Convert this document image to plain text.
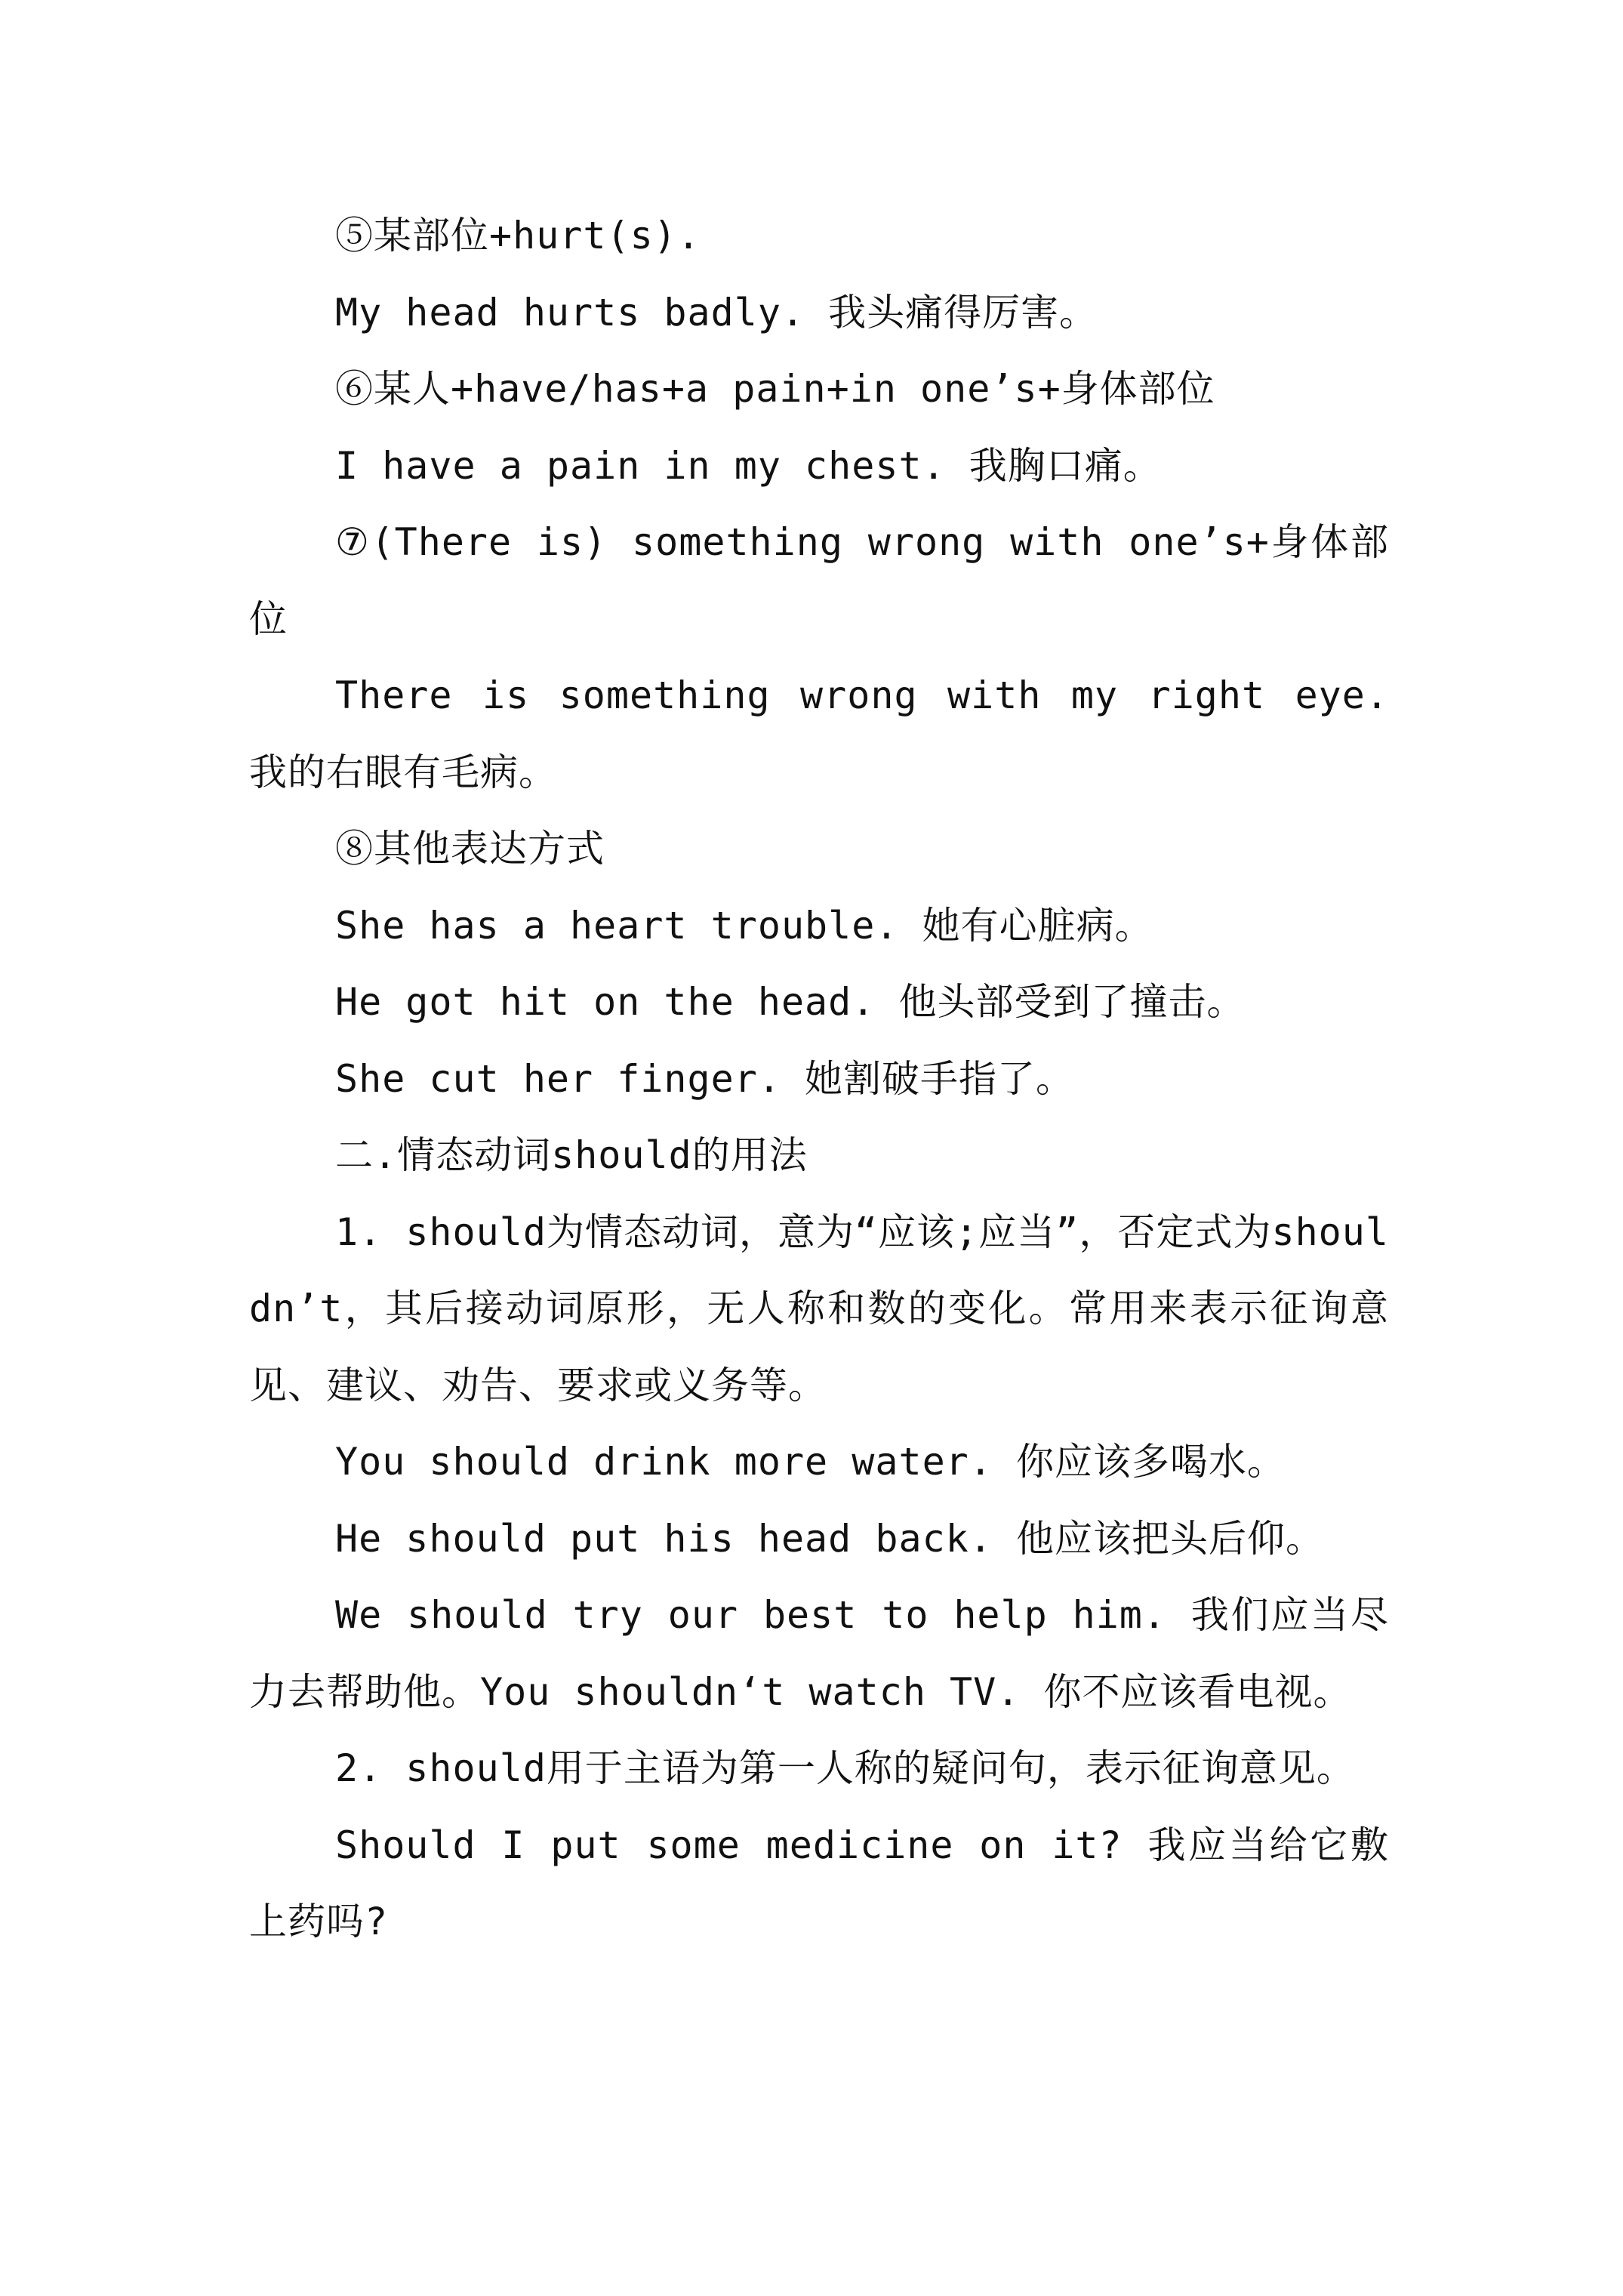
⑤某部位+hurt(s).

My head hurts badly. 我头痛得厉害。

⑥某人+have/has+a pain+in one’s+身体部位

I have a pain in my chest. 我胸口痛。

⑦(There is) something wrong with one’s+身体部位

There is something wrong with my right eye. 我的右眼有毛病。

⑧其他表达方式

She has a heart trouble. 她有心脏病。

He got hit on the head. 他头部受到了撞击。

She cut her finger. 她割破手指了。

二.情态动词should的用法

1. should为情态动词，意为“应该;应当”，否定式为shouldn’t，其后接动词原形，无人称和数的变化。常用来表示征询意见、建议、劝告、要求或义务等。

You should drink more water. 你应该多喝水。

He should put his head back. 他应该把头后仰。

We should try our best to help him. 我们应当尽力去帮助他。You shouldn‘t watch TV. 你不应该看电视。

2. should用于主语为第一人称的疑问句，表示征询意见。

Should I put some medicine on it? 我应当给它敷上药吗?
